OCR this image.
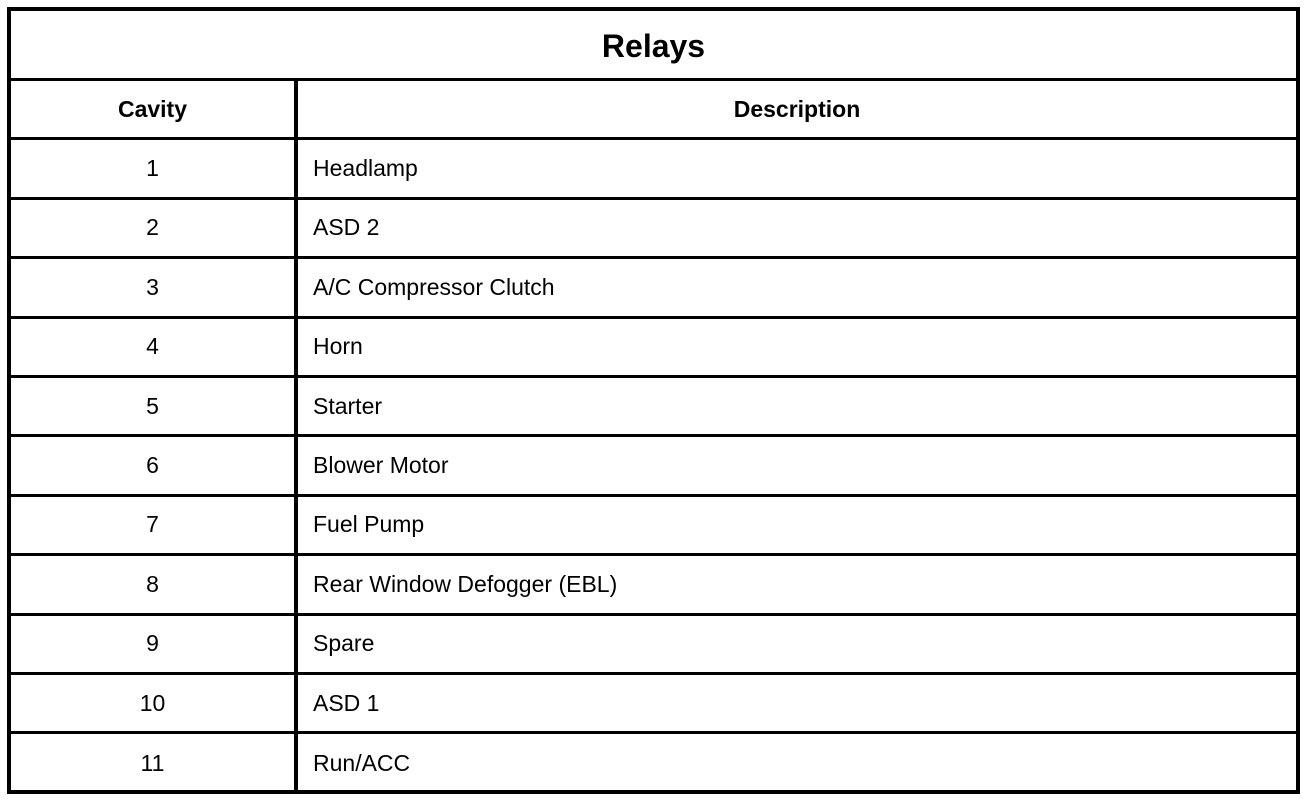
Relays
Cavity	Description
1	Headlamp
2	ASD 2
3	A/C Compressor Clutch
4	Horn
5	Starter
6	Blower Motor
7	Fuel Pump
8	Rear Window Defogger (EBL)
9	Spare
10	ASD 1
11	Run/ACC
